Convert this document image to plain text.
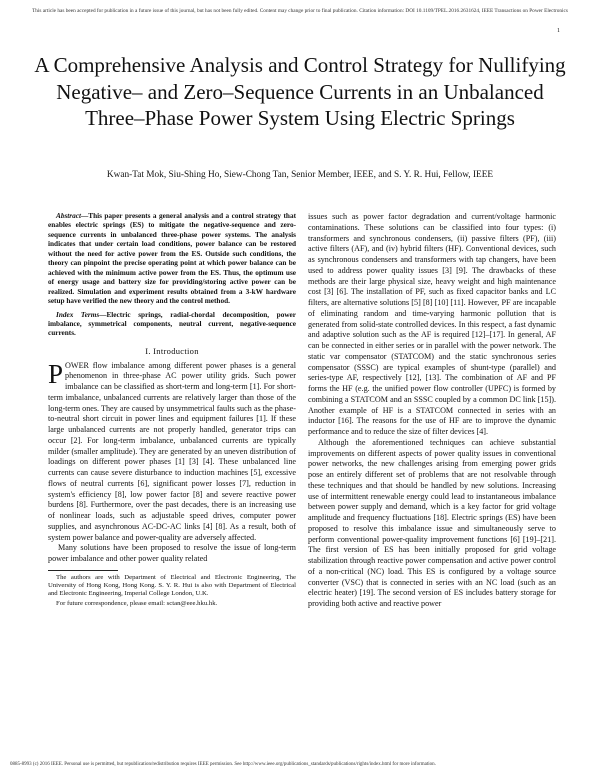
This article has been accepted for publication in a future issue of this journal, but has not been fully edited. Content may change prior to final publication. Citation information: DOI 10.1109/TPEL.2016.2631624, IEEE Transactions on Power Electronics
1
A Comprehensive Analysis and Control Strategy for Nullifying Negative– and Zero–Sequence Currents in an Unbalanced Three–Phase Power System Using Electric Springs
Kwan-Tat Mok, Siu-Shing Ho, Siew-Chong Tan, Senior Member, IEEE, and S. Y. R. Hui, Fellow, IEEE

Abstract—This paper presents a general analysis and a control strategy that enables electric springs (ES) to mitigate the negative-sequence and zero-sequence currents in unbalanced three-phase power systems. The analysis indicates that under certain load conditions, power balance can be restored without the need for active power from the ES. Outside such conditions, the theory can pinpoint the precise operating point at which power balance can be achieved with the minimum active power from the ES. Thus, the optimum use of energy usage and battery size for providing/storing active power can be realized. Simulation and experiment results obtained from a 3-kW hardware setup have verified the new theory and the control method.

Index Terms—Electric springs, radial-chordal decomposition, power imbalance, symmetrical components, neutral current, negative-sequence currents.

I. Introduction

POWER flow imbalance among different power phases is a general phenomenon in three-phase AC power utility grids. Such power imbalance can be classified as short-term and long-term [1]. For short-term imbalance, unbalanced currents are relatively larger than those of the long-term ones. They are caused by unsymmetrical faults such as the phase-to-neutral short circuit in power lines and equipment failures [1]. If these large unbalanced currents are not properly handled, generator trips can occur [2]. For long-term imbalance, unbalanced currents are typically milder (smaller amplitude). They are generated by an uneven distribution of loadings on different power phases [1] [3] [4]. These unbalanced line currents can cause severe disturbance to induction machines [5], excessive flows of neutral currents [6], significant power losses [7], reduction in system's efficiency [8], low power factor [8] and severe reactive power burdens [8]. Furthermore, over the past decades, there is an increasing use of nonlinear loads, such as adjustable speed drives, computer power supplies, and asynchronous AC-DC-AC links [4] [8]. As a result, both of system power balance and power-quality are adversely affected.

Many solutions have been proposed to resolve the issue of long-term power imbalance and other power quality related

The authors are with Department of Electrical and Electronic Engineering, The University of Hong Kong, Hong Kong. S. Y. R. Hui is also with Department of Electrical and Electronic Engineering, Imperial College London, U.K.

For future correspondence, please email: sctan@eee.hku.hk.

issues such as power factor degradation and current/voltage harmonic contaminations. These solutions can be classified into four types: (i) transformers and synchronous condensers, (ii) passive filters (PF), (iii) active filters (AF), and (iv) hybrid filters (HF). Conventional devices, such as synchronous condensers and transformers with tap changers, have been used to address power quality issues [3] [9]. The drawbacks of these methods are their large physical size, heavy weight and high maintenance cost [3] [6]. The installation of PF, such as fixed capacitor banks and LC filters, are alternative solutions [5] [8] [10] [11]. However, PF are incapable of eliminating random and time-varying harmonic pollution that is generated from solid-state controlled devices. In this respect, a fast dynamic and adaptive solution such as the AF is required [12]–[17]. In general, AF can be connected in either series or in parallel with the power network. The static var compensator (STATCOM) and the static synchronous series compensator (SSSC) are typical examples of shunt-type (parallel) and series-type AF, respectively [12], [13]. The combination of AF and PF forms the HF (e.g. the unified power flow controller (UPFC) is formed by combining a STATCOM and an SSSC coupled by a common DC link [15]). Another example of HF is a STATCOM connected in series with an inductor [16]. The reasons for the use of HF are to improve the dynamic performance and to reduce the size of filter devices [4].

Although the aforementioned techniques can achieve substantial improvements on different aspects of power quality issues in conventional power networks, the new challenges arising from emerging power grids pose an entirely different set of problems that are not resolvable through these techniques and that should be handled by new solutions. Increasing use of intermittent renewable energy could lead to instantaneous imbalance between power supply and demand, which is a key factor for grid voltage amplitude and frequency fluctuations [18]. Electric springs (ES) have been proposed to resolve this imbalance issue and simultaneously serve to perform conventional power-quality improvement functions [6] [19]–[21]. The first version of ES has been initially proposed for grid voltage stabilization through reactive power compensation and active power control of a non-critical (NC) load. This ES is configured by a voltage source converter (VSC) that is connected in series with an NC load (such as an electric heater) [19]. The second version of ES includes battery storage for providing both active and reactive power

0885-8993 (c) 2016 IEEE. Personal use is permitted, but republication/redistribution requires IEEE permission. See http://www.ieee.org/publications_standards/publications/rights/index.html for more information.
